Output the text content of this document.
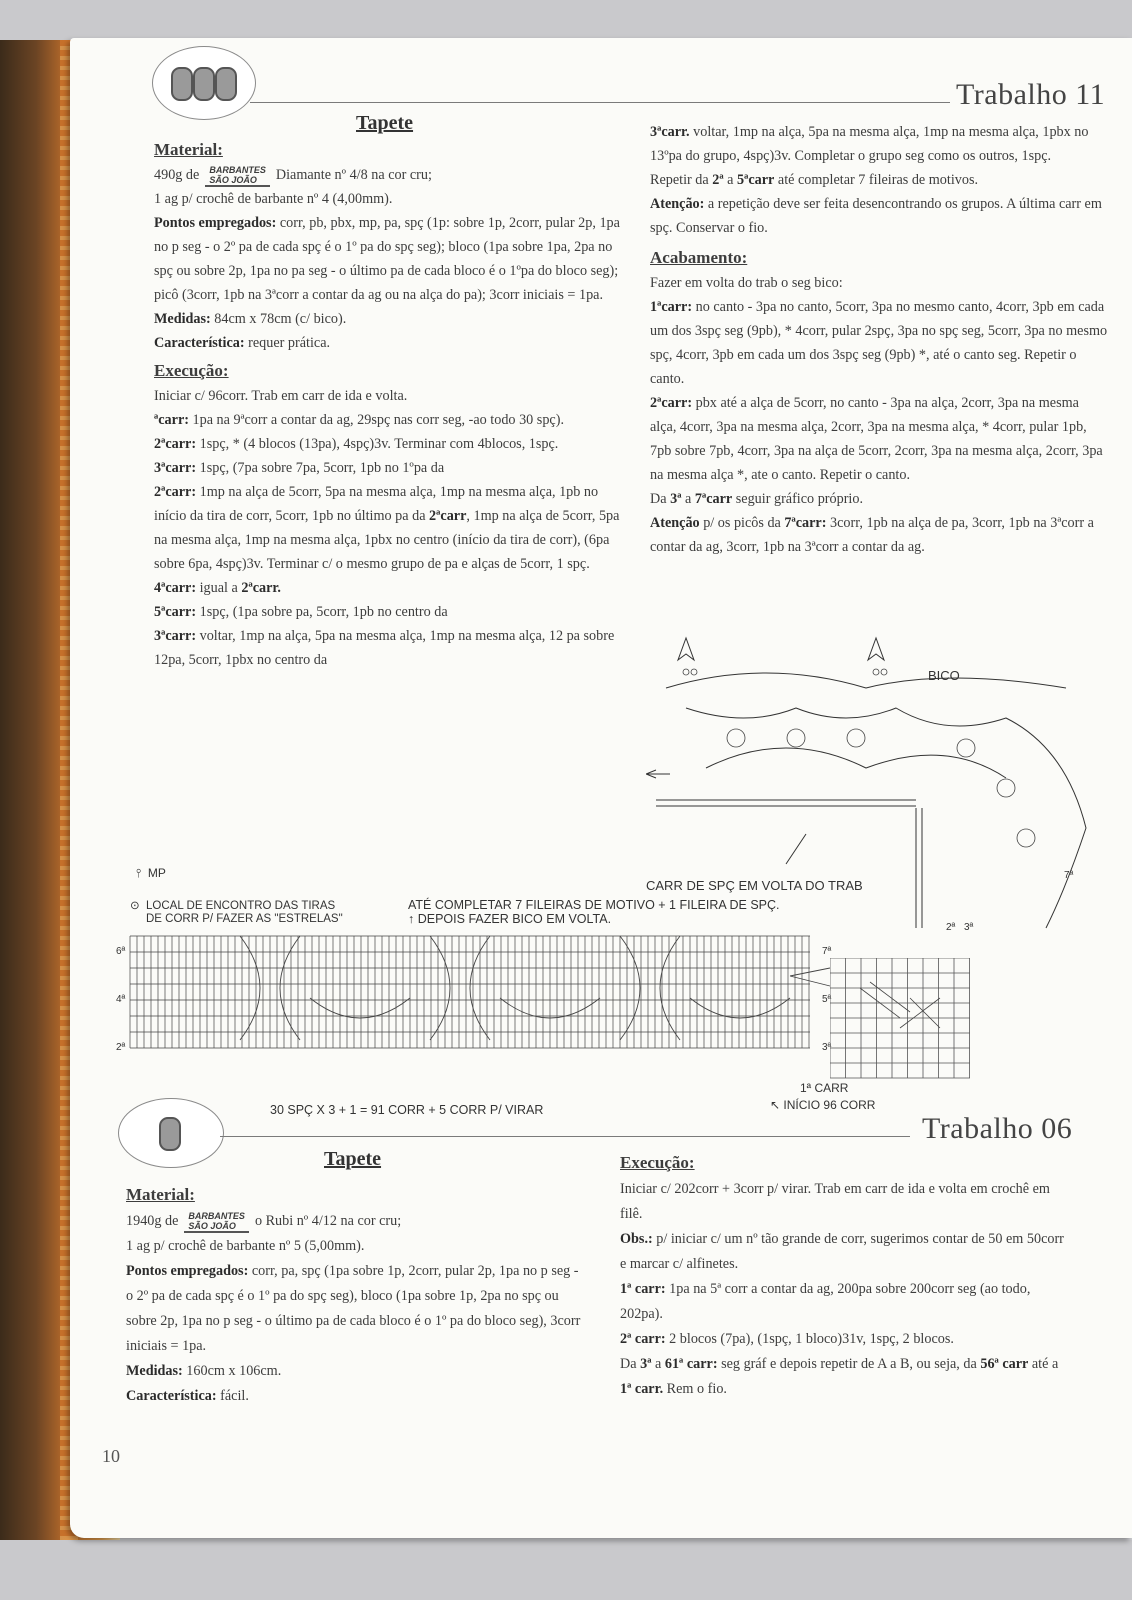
Trabalho 11
Tapete

Material:

490g de BARBANTES
SÃO JOÃO Diamante nº 4/8 na cor cru;

1 ag p/ crochê de barbante nº 4 (4,00mm).

Pontos empregados: corr, pb, pbx, mp, pa, spç (1p: sobre 1p, 2corr, pular 2p, 1pa no p seg - o 2º pa de cada spç é o 1º pa do spç seg); bloco (1pa sobre 1pa, 2pa no spç ou sobre 2p, 1pa no pa seg - o último pa de cada bloco é o 1ºpa do bloco seg); picô (3corr, 1pb na 3ªcorr a contar da ag ou na alça do pa); 3corr iniciais = 1pa.

Medidas: 84cm x 78cm (c/ bico).

Característica: requer prática.

Execução:

Iniciar c/ 96corr. Trab em carr de ida e volta.

ªcarr: 1pa na 9ªcorr a contar da ag, 29spç nas corr seg, -ao todo 30 spç).

2ªcarr: 1spç, * (4 blocos (13pa), 4spç)3v. Terminar com 4blocos, 1spç.

3ªcarr: 1spç, (7pa sobre 7pa, 5corr, 1pb no 1ºpa da

2ªcarr: 1mp na alça de 5corr, 5pa na mesma alça, 1mp na mesma alça, 1pb no início da tira de corr, 5corr, 1pb no último pa da 2ªcarr, 1mp na alça de 5corr, 5pa na mesma alça, 1mp na mesma alça, 1pbx no centro (início da tira de corr), (6pa sobre 6pa, 4spç)3v. Terminar c/ o mesmo grupo de pa e alças de 5corr, 1 spç.

4ªcarr: igual a 2ªcarr.

5ªcarr: 1spç, (1pa sobre pa, 5corr, 1pb no centro da

3ªcarr: voltar, 1mp na alça, 5pa na mesma alça, 1mp na mesma alça, 12 pa sobre 12pa, 5corr, 1pbx no centro da

3ªcarr. voltar, 1mp na alça, 5pa na mesma alça, 1mp na mesma alça, 1pbx no 13ºpa do grupo, 4spç)3v. Completar o grupo seg como os outros, 1spç.

Repetir da 2ª a 5ªcarr até completar 7 fileiras de motivos.

Atenção: a repetição deve ser feita desencontrando os grupos. A última carr em spç. Conservar o fio.

Acabamento:

Fazer em volta do trab o seg bico:

1ªcarr: no canto - 3pa no canto, 5corr, 3pa no mesmo canto, 4corr, 3pb em cada um dos 3spç seg (9pb), * 4corr, pular 2spç, 3pa no spç seg, 5corr, 3pa no mesmo spç, 4corr, 3pb em cada um dos 3spç seg (9pb) *, até o canto seg. Repetir o canto.

2ªcarr: pbx até a alça de 5corr, no canto - 3pa na alça, 2corr, 3pa na mesma alça, 4corr, 3pa na mesma alça, 2corr, 3pa na mesma alça, * 4corr, pular 1pb, 7pb sobre 7pb, 4corr, 3pa na alça de 5corr, 2corr, 3pa na mesma alça, 2corr, 3pa na mesma alça *, ate o canto. Repetir o canto.

Da 3ª a 7ªcarr seguir gráfico próprio.

Atenção p/ os picôs da 7ªcarr: 3corr, 1pb na alça de pa, 3corr, 1pb na 3ªcorr a contar da ag, 3corr, 1pb na 3ªcorr a contar da ag.

BICO
CARR DE SPÇ EM VOLTA DO TRAB
7ª
2ª 3ª
⫯ MP
⊙ LOCAL DE ENCONTRO DAS TIRAS
DE CORR P/ FAZER AS "ESTRELAS"
ATÉ COMPLETAR 7 FILEIRAS DE MOTIVO + 1 FILEIRA DE SPÇ.
↑ DEPOIS FAZER BICO EM VOLTA.
6ª
4ª
2ª
7ª
5ª
3ª
1ª CARR
30 SPÇ X 3 + 1 = 91 CORR + 5 CORR P/ VIRAR	↖ INÍCIO 96 CORR
Trabalho 06
Tapete

Material:

1940g de BARBANTES
SÃO JOÃO o Rubi nº 4/12 na cor cru;

1 ag p/ crochê de barbante nº 5 (5,00mm).

Pontos empregados: corr, pa, spç (1pa sobre 1p, 2corr, pular 2p, 1pa no p seg - o 2º pa de cada spç é o 1º pa do spç seg), bloco (1pa sobre 1p, 2pa no spç ou sobre 2p, 1pa no p seg - o último pa de cada bloco é o 1º pa do bloco seg), 3corr iniciais = 1pa.

Medidas: 160cm x 106cm.

Característica: fácil.

Execução:

Iniciar c/ 202corr + 3corr p/ virar. Trab em carr de ida e volta em crochê em filê.

Obs.: p/ iniciar c/ um nº tão grande de corr, sugerimos contar de 50 em 50corr e marcar c/ alfinetes.

1ª carr: 1pa na 5ª corr a contar da ag, 200pa sobre 200corr seg (ao todo, 202pa).

2ª carr: 2 blocos (7pa), (1spç, 1 bloco)31v, 1spç, 2 blocos.

Da 3ª a 61ª carr: seg gráf e depois repetir de A a B, ou seja, da 56ª carr até a 1ª carr. Rem o fio.

10
